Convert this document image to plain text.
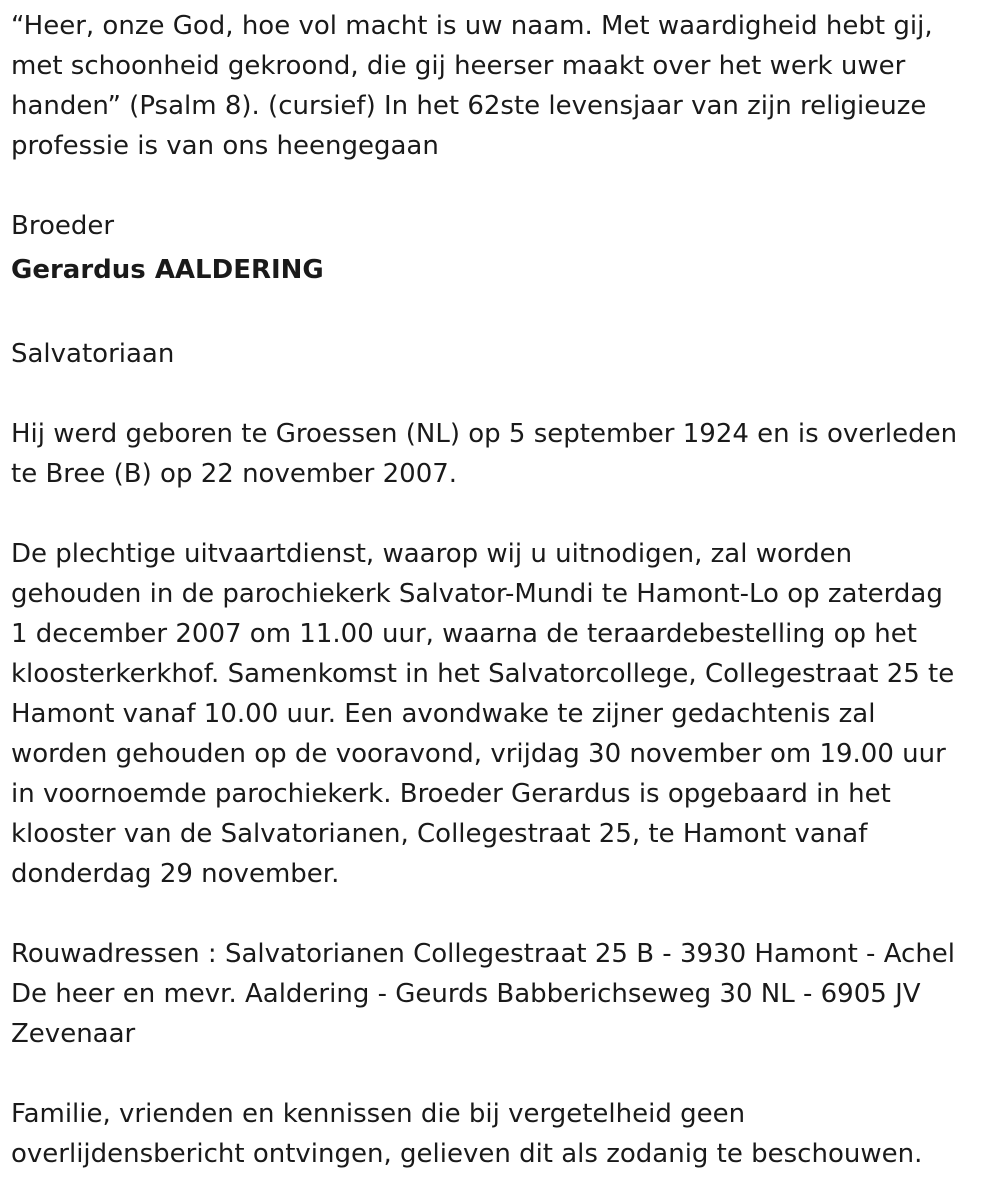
“Heer, onze God, hoe vol macht is uw naam. Met waardigheid hebt gij,
met schoonheid gekroond, die gij heerser maakt over het werk uwer
handen” (Psalm 8). (cursief) In het 62ste levensjaar van zijn religieuze
professie is van ons heengegaan

Broeder

Gerardus AALDERING

Salvatoriaan

Hij werd geboren te Groessen (NL) op 5 september 1924 en is overleden
te Bree (B) op 22 november 2007.

De plechtige uitvaartdienst, waarop wij u uitnodigen, zal worden
gehouden in de parochiekerk Salvator-Mundi te Hamont-Lo op zaterdag
1 december 2007 om 11.00 uur, waarna de teraardebestelling op het
kloosterkerkhof. Samenkomst in het Salvatorcollege, Collegestraat 25 te
Hamont vanaf 10.00 uur. Een avondwake te zijner gedachtenis zal
worden gehouden op de vooravond, vrijdag 30 november om 19.00 uur
in voornoemde parochiekerk. Broeder Gerardus is opgebaard in het
klooster van de Salvatorianen, Collegestraat 25, te Hamont vanaf
donderdag 29 november.

Rouwadressen : Salvatorianen Collegestraat 25 B - 3930 Hamont - Achel
De heer en mevr. Aaldering - Geurds Babberichseweg 30 NL - 6905 JV
Zevenaar

Familie, vrienden en kennissen die bij vergetelheid geen
overlijdensbericht ontvingen, gelieven dit als zodanig te beschouwen.
